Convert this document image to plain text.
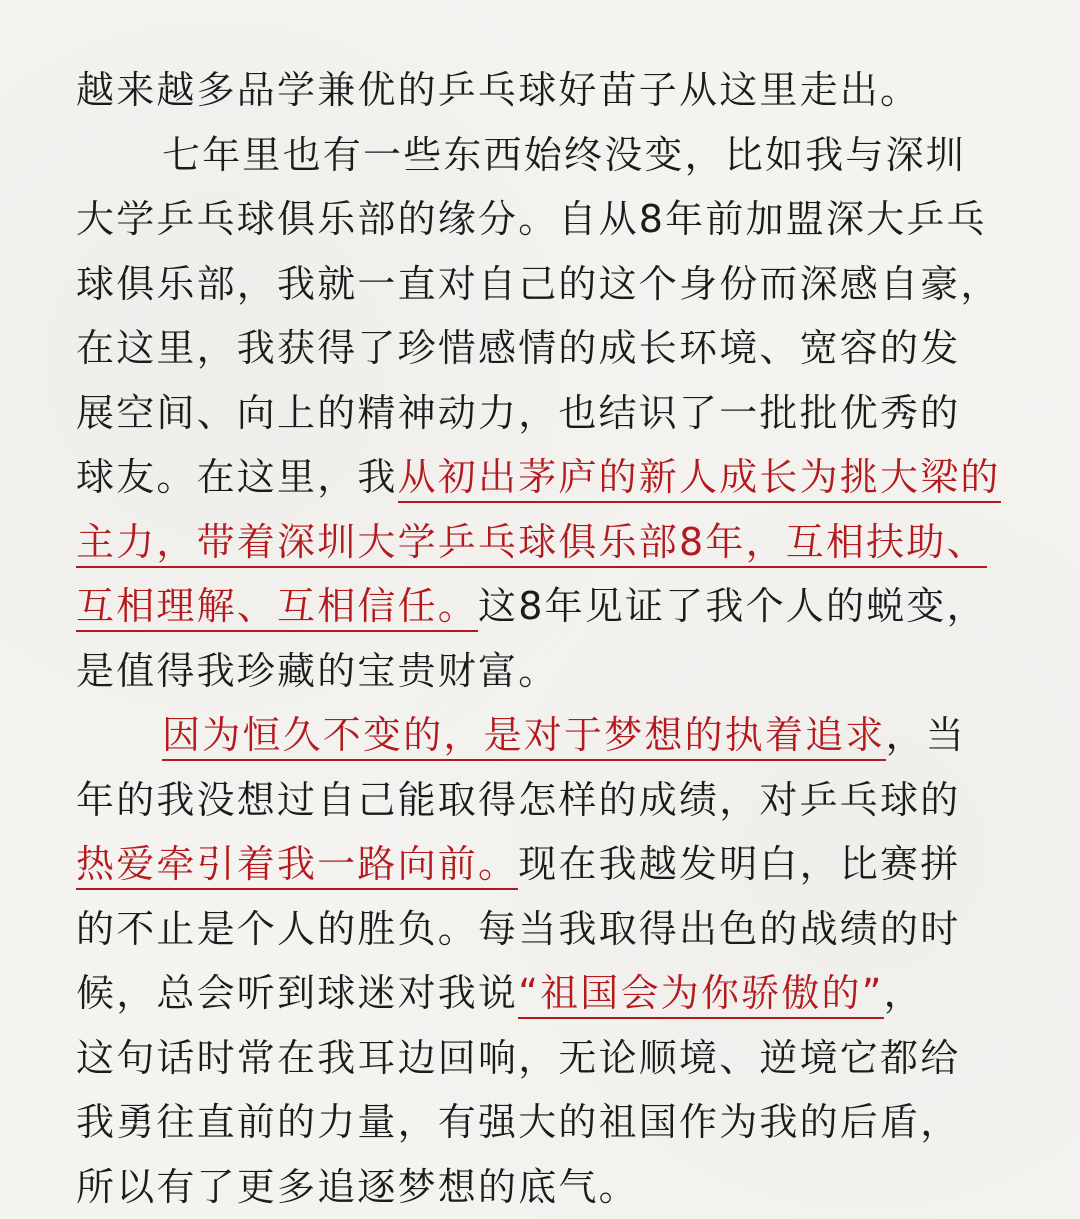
越来越多品学兼优的乒乓球好苗子从这里走出。
七年里也有一些东西始终没变，比如我与深圳
大学乒乓球俱乐部的缘分。自从8年前加盟深大乒乓
球俱乐部，我就一直对自己的这个身份而深感自豪，
在这里，我获得了珍惜感情的成长环境、宽容的发
展空间、向上的精神动力，也结识了一批批优秀的
球友。在这里，我从初出茅庐的新人成长为挑大梁的
主力，带着深圳大学乒乓球俱乐部8年，互相扶助、
互相理解、互相信任。这8年见证了我个人的蜕变，
是值得我珍藏的宝贵财富。
因为恒久不变的，是对于梦想的执着追求，当
年的我没想过自己能取得怎样的成绩，对乒乓球的
热爱牵引着我一路向前。现在我越发明白，比赛拼
的不止是个人的胜负。每当我取得出色的战绩的时
候，总会听到球迷对我说“祖国会为你骄傲的”，
这句话时常在我耳边回响，无论顺境、逆境它都给
我勇往直前的力量，有强大的祖国作为我的后盾，
所以有了更多追逐梦想的底气。
